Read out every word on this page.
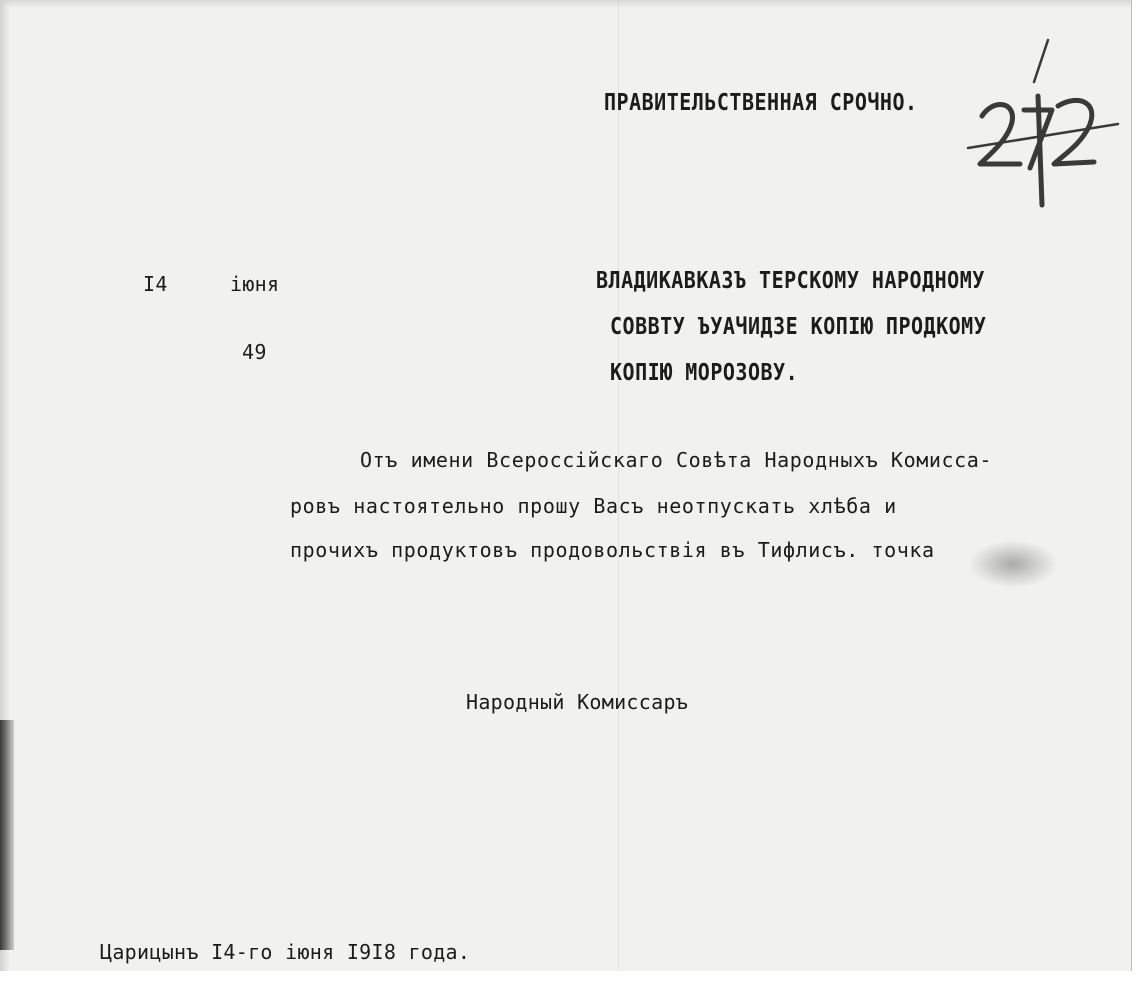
ПРАВИТЕЛЬСТВЕННАЯ СРОЧНО.
I4	іюня
49
ВЛАДИКАВКАЗЪ ТЕРСКОМУ НАРОДНОМУ
СОВВТУ ЪУАЧИДЗЕ КОПІЮ ПРОДКОМУ
КОПІЮ МОРОЗОВУ.
Отъ имени Всероссійскаго Совѣта Народныхъ Комисса-
ровъ настоятельно прошу Васъ неотпускать хлѣба и
прочихъ продуктовъ продовольствія въ Тифлисъ. точка
Народный Комиссаръ
Царицынъ I4-го іюня I9I8 года.
